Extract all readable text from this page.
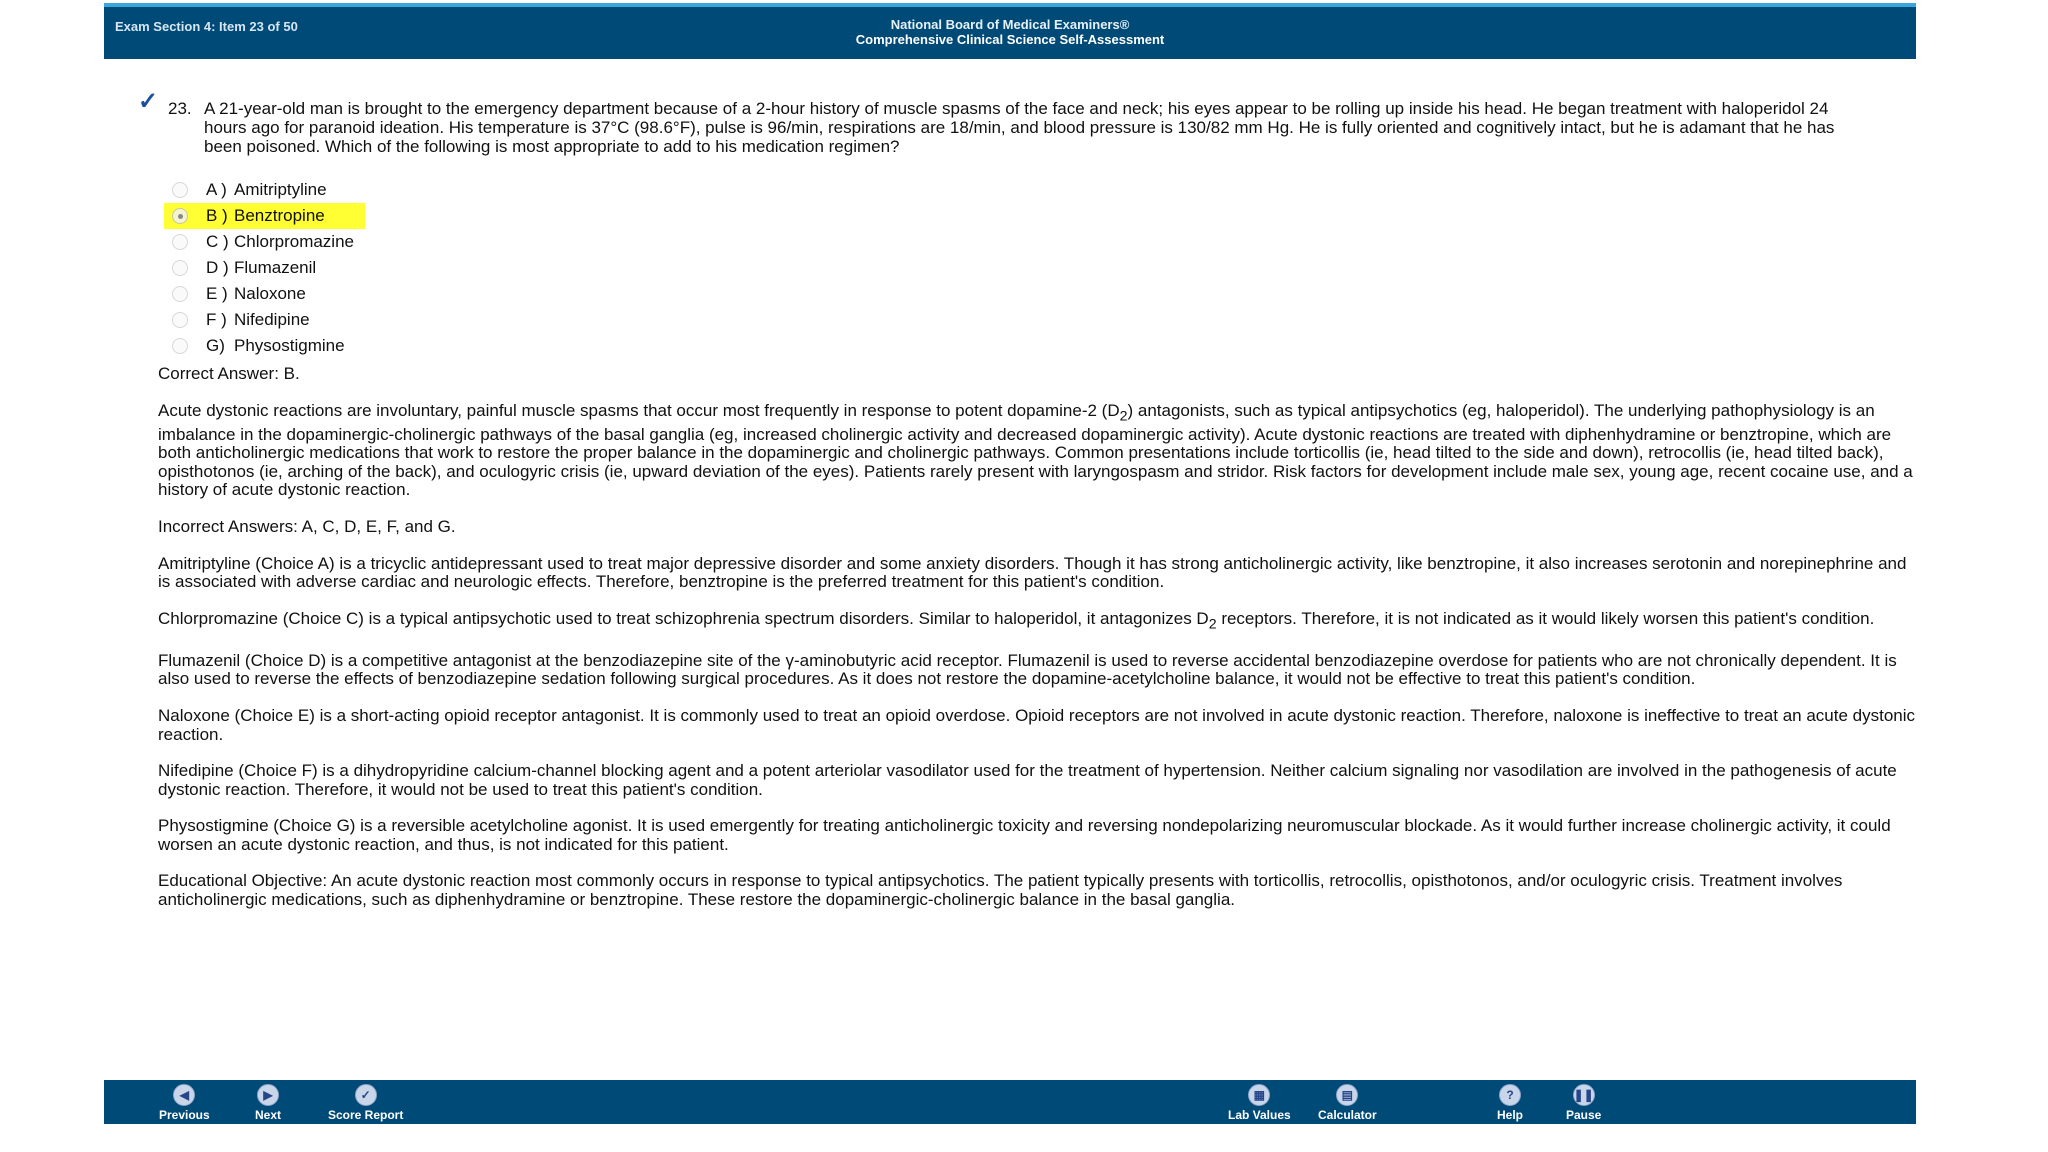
Exam Section 4: Item 23 of 50	National Board of Medical Examiners®
Comprehensive Clinical Science Self-Assessment
✓ 23. A 21-year-old man is brought to the emergency department because of a 2-hour history of muscle spasms of the face and neck; his eyes appear to be rolling up inside his head. He began treatment with haloperidol 24 hours ago for paranoid ideation. His temperature is 37°C (98.6°F), pulse is 96/min, respirations are 18/min, and blood pressure is 130/82 mm Hg. He is fully oriented and cognitively intact, but he is adamant that he has been poisoned. Which of the following is most appropriate to add to his medication regimen?
A ) Amitriptyline
B ) Benztropine
C ) Chlorpromazine
D ) Flumazenil
E ) Naloxone
F ) Nifedipine
G) Physostigmine

Correct Answer: B.

Acute dystonic reactions are involuntary, painful muscle spasms that occur most frequently in response to potent dopamine-2 $(D_2)$ antagonists, such as typical antipsychotics (eg, haloperidol). The underlying pathophysiology is an imbalance in the dopaminergic-cholinergic pathways of the basal ganglia (eg, increased cholinergic activity and decreased dopaminergic activity). Acute dystonic reactions are treated with diphenhydramine or benztropine, which are both anticholinergic medications that work to restore the proper balance in the dopaminergic and cholinergic pathways. Common presentations include torticollis (ie, head tilted to the side and down), retrocollis (ie, head tilted back), opisthotonos (ie, arching of the back), and oculogyric crisis (ie, upward deviation of the eyes). Patients rarely present with laryngospasm and stridor. Risk factors for development include male sex, young age, recent cocaine use, and a history of acute dystonic reaction.

Incorrect Answers: A, C, D, E, F, and G.

Amitriptyline (Choice A) is a tricyclic antidepressant used to treat major depressive disorder and some anxiety disorders. Though it has strong anticholinergic activity, like benztropine, it also increases serotonin and norepinephrine and is associated with adverse cardiac and neurologic effects. Therefore, benztropine is the preferred treatment for this patient's condition.

Chlorpromazine (Choice C) is a typical antipsychotic used to treat schizophrenia spectrum disorders. Similar to haloperidol, it antagonizes $D_2$ receptors. Therefore, it is not indicated as it would likely worsen this patient's condition.

Flumazenil (Choice D) is a competitive antagonist at the benzodiazepine site of the γ-aminobutyric acid receptor. Flumazenil is used to reverse accidental benzodiazepine overdose for patients who are not chronically dependent. It is also used to reverse the effects of benzodiazepine sedation following surgical procedures. As it does not restore the dopamine-acetylcholine balance, it would not be effective to treat this patient's condition.

Naloxone (Choice E) is a short-acting opioid receptor antagonist. It is commonly used to treat an opioid overdose. Opioid receptors are not involved in acute dystonic reaction. Therefore, naloxone is ineffective to treat an acute dystonic reaction.

Nifedipine (Choice F) is a dihydropyridine calcium-channel blocking agent and a potent arteriolar vasodilator used for the treatment of hypertension. Neither calcium signaling nor vasodilation are involved in the pathogenesis of acute dystonic reaction. Therefore, it would not be used to treat this patient's condition.

Physostigmine (Choice G) is a reversible acetylcholine agonist. It is used emergently for treating anticholinergic toxicity and reversing nondepolarizing neuromuscular blockade. As it would further increase cholinergic activity, it could worsen an acute dystonic reaction, and thus, is not indicated for this patient.

Educational Objective: An acute dystonic reaction most commonly occurs in response to typical antipsychotics. The patient typically presents with torticollis, retrocollis, opisthotonos, and/or oculogyric crisis. Treatment involves anticholinergic medications, such as diphenhydramine or benztropine. These restore the dopaminergic-cholinergic balance in the basal ganglia.

◀
Previous
▶
Next
✓
Score Report
▦
Lab Values
▤
Calculator
?
Help
❚❚
Pause
